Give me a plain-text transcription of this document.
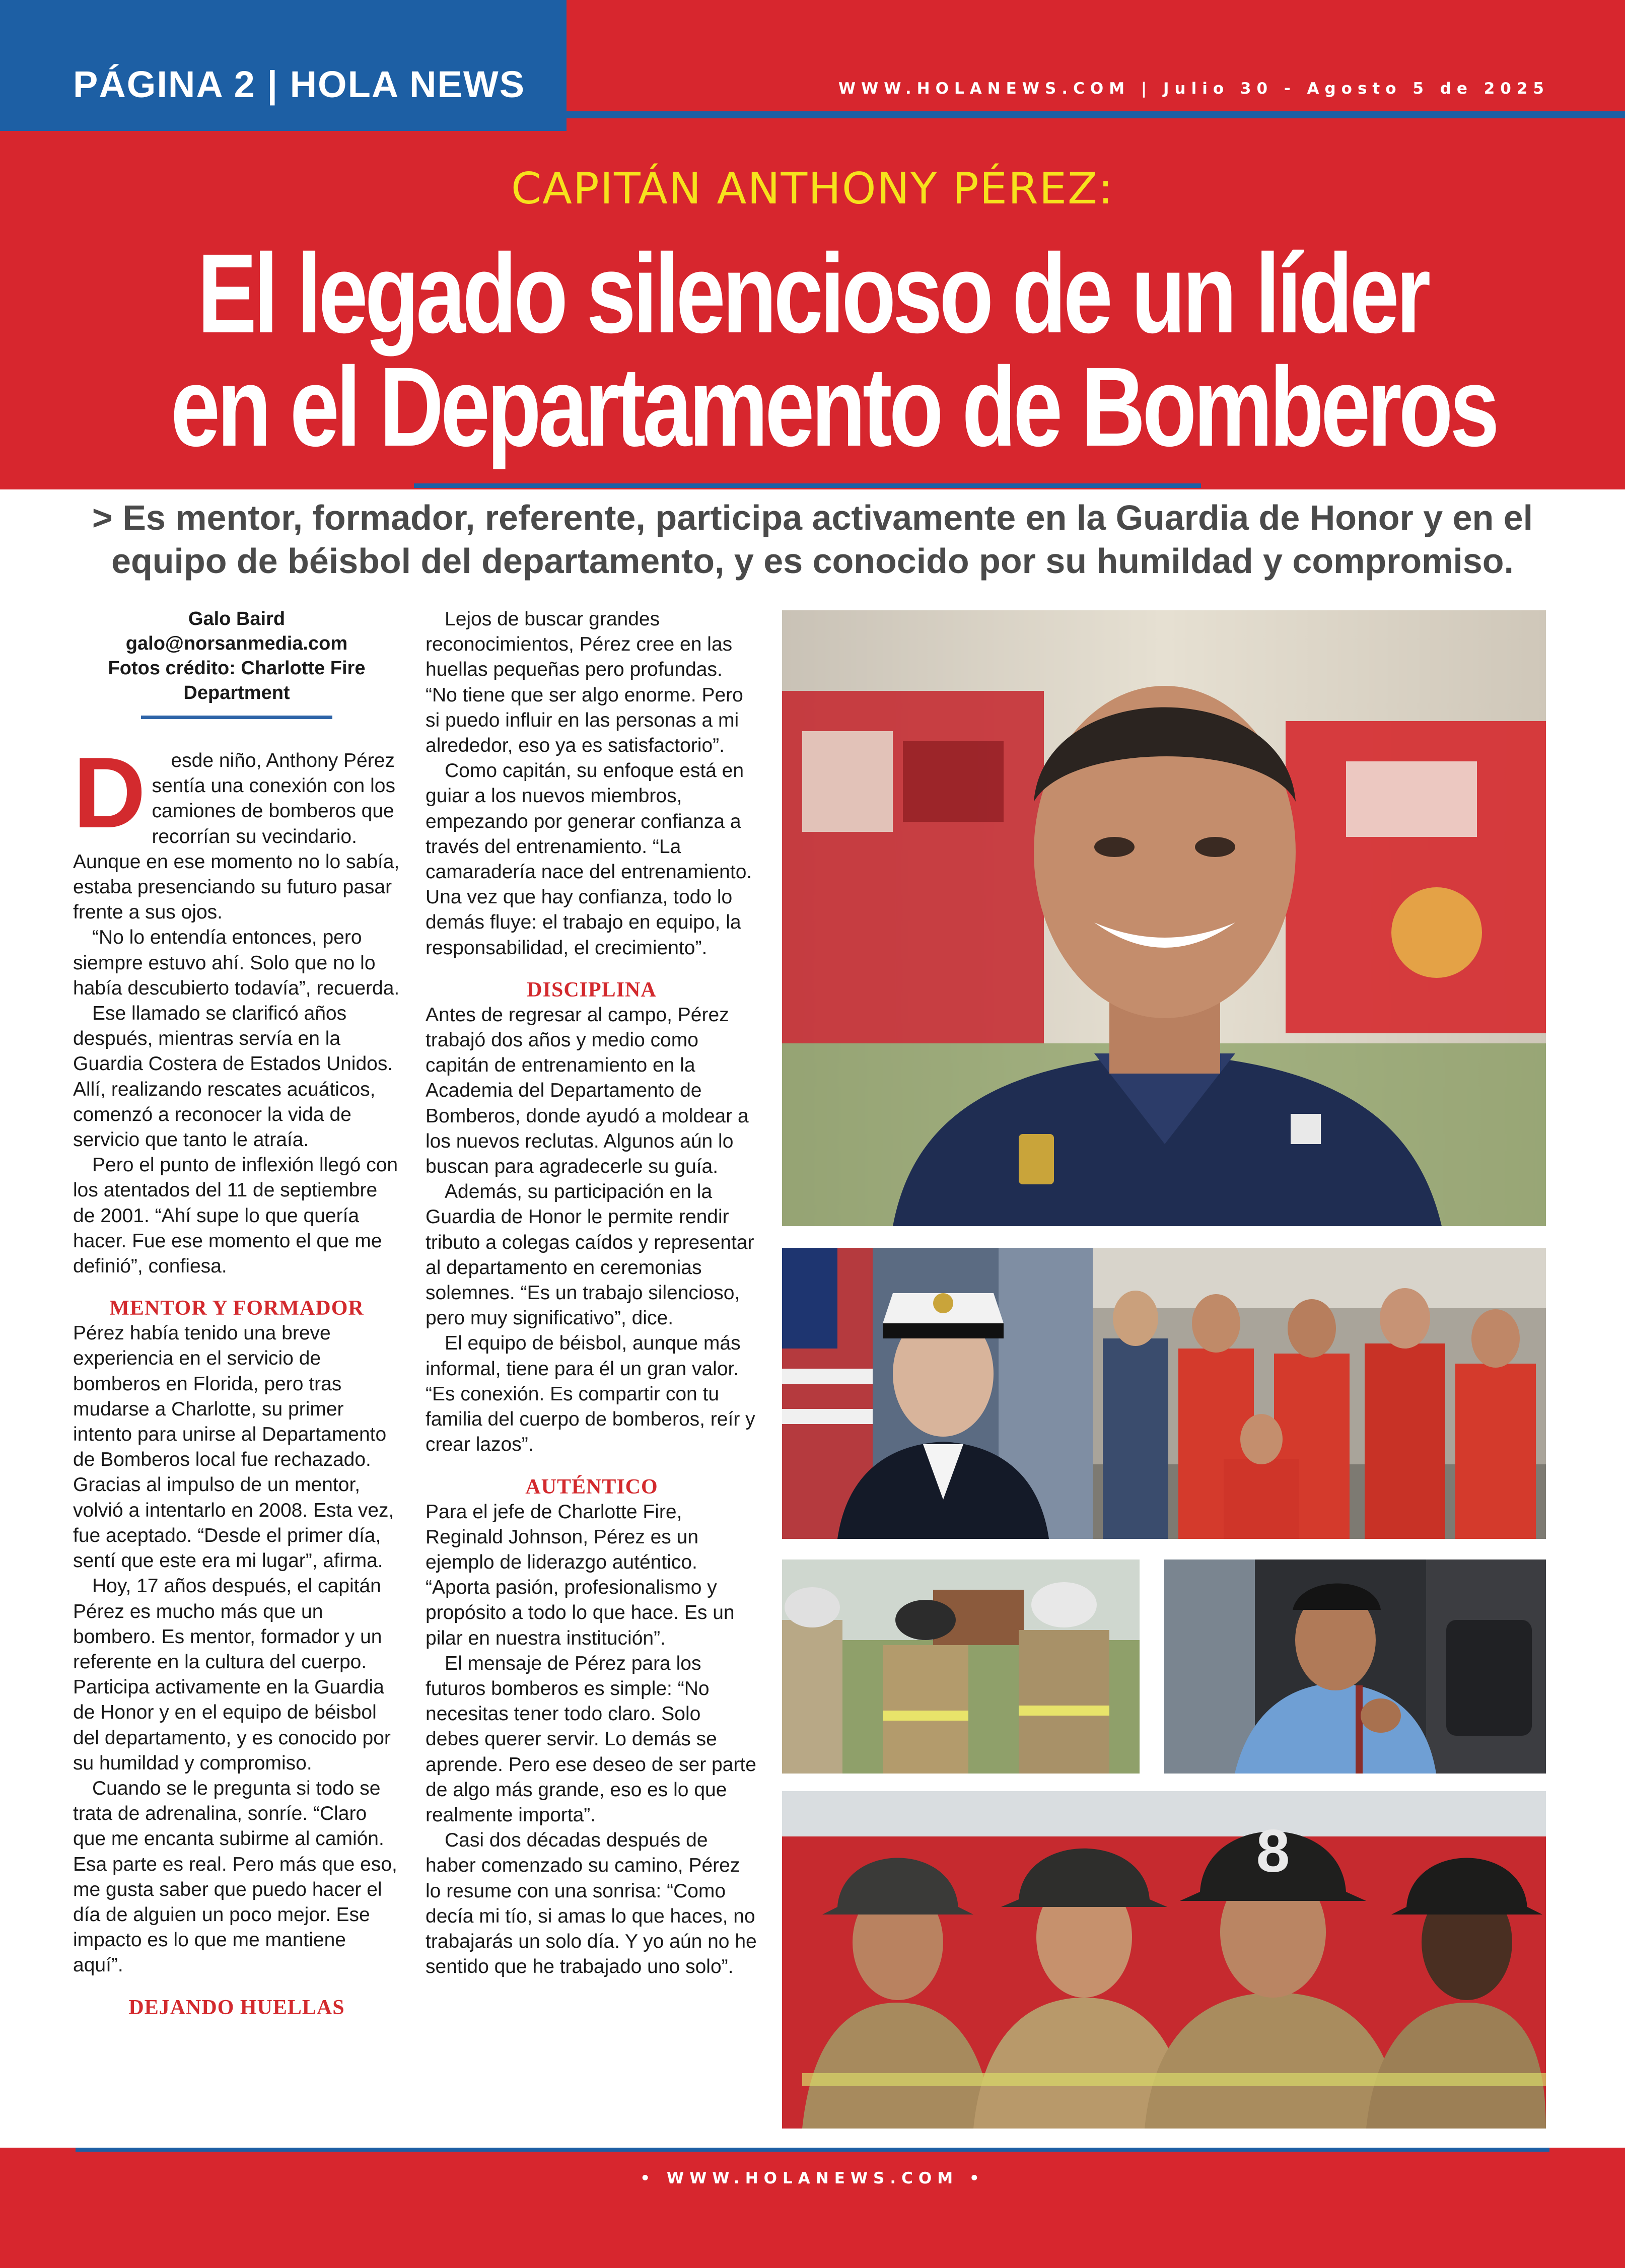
PÁGINA 2 | HOLA NEWS	WWW.HOLANEWS.COM | Julio 30 - Agosto 5 de 2025
CAPITÁN ANTHONY PÉREZ:
El legado silencioso de un líder
en el Departamento de Bomberos
> Es mentor, formador, referente, participa activamente en la Guardia de Honor y en el equipo de béisbol del departamento, y es conocido por su humildad y compromiso.
Galo Baird
galo@norsanmedia.com
Fotos crédito: Charlotte Fire Department

D esde niño, Anthony Pérez sentía una conexión con los camiones de bomberos que recorrían su vecindario. Aunque en ese momento no lo sabía, estaba presenciando su futuro pasar frente a sus ojos.

“No lo entendía entonces, pero siempre estuvo ahí. Solo que no lo había descubierto todavía”, recuerda.

Ese llamado se clarificó años después, mientras servía en la Guardia Costera de Estados Unidos. Allí, realizando rescates acuáticos, comenzó a reconocer la vida de servicio que tanto le atraía.

Pero el punto de inflexión llegó con los atentados del 11 de septiembre de 2001. “Ahí supe lo que quería hacer. Fue ese momento el que me definió”, confiesa.

MENTOR Y FORMADOR

Pérez había tenido una breve experiencia en el servicio de bomberos en Florida, pero tras mudarse a Charlotte, su primer intento para unirse al Departamento de Bomberos local fue rechazado. Gracias al impulso de un mentor, volvió a intentarlo en 2008. Esta vez, fue aceptado. “Desde el primer día, sentí que este era mi lugar”, afirma.

Hoy, 17 años después, el capitán Pérez es mucho más que un bombero. Es mentor, formador y un referente en la cultura del cuerpo. Participa activamente en la Guardia de Honor y en el equipo de béisbol del departamento, y es conocido por su humildad y compromiso.

Cuando se le pregunta si todo se trata de adrenalina, sonríe. “Claro que me encanta subirme al camión. Esa parte es real. Pero más que eso, me gusta saber que puedo hacer el día de alguien un poco mejor. Ese impacto es lo que me mantiene aquí”.

DEJANDO HUELLAS

Lejos de buscar grandes reconocimientos, Pérez cree en las huellas pequeñas pero profundas. “No tiene que ser algo enorme. Pero si puedo influir en las personas a mi alrededor, eso ya es satisfactorio”.

Como capitán, su enfoque está en guiar a los nuevos miembros, empezando por generar confianza a través del entrenamiento. “La camaradería nace del entrenamiento. Una vez que hay confianza, todo lo demás fluye: el trabajo en equipo, la responsabilidad, el crecimiento”.

DISCIPLINA

Antes de regresar al campo, Pérez trabajó dos años y medio como capitán de entrenamiento en la Academia del Departamento de Bomberos, donde ayudó a moldear a los nuevos reclutas. Algunos aún lo buscan para agradecerle su guía.

Además, su participación en la Guardia de Honor le permite rendir tributo a colegas caídos y representar al departamento en ceremonias solemnes. “Es un trabajo silencioso, pero muy significativo”, dice.

El equipo de béisbol, aunque más informal, tiene para él un gran valor. “Es conexión. Es compartir con tu familia del cuerpo de bomberos, reír y crear lazos”.

AUTÉNTICO

Para el jefe de Charlotte Fire, Reginald Johnson, Pérez es un ejemplo de liderazgo auténtico. “Aporta pasión, profesionalismo y propósito a todo lo que hace. Es un pilar en nuestra institución”.

El mensaje de Pérez para los futuros bomberos es simple: “No necesitas tener todo claro. Solo debes querer servir. Lo demás se aprende. Pero ese deseo de ser parte de algo más grande, eso es lo que realmente importa”.

Casi dos décadas después de haber comenzado su camino, Pérez lo resume con una sonrisa: “Como decía mi tío, si amas lo que haces, no trabajarás un solo día. Y yo aún no he sentido que he trabajado uno solo”.

8
• WWW.HOLANEWS.COM •
